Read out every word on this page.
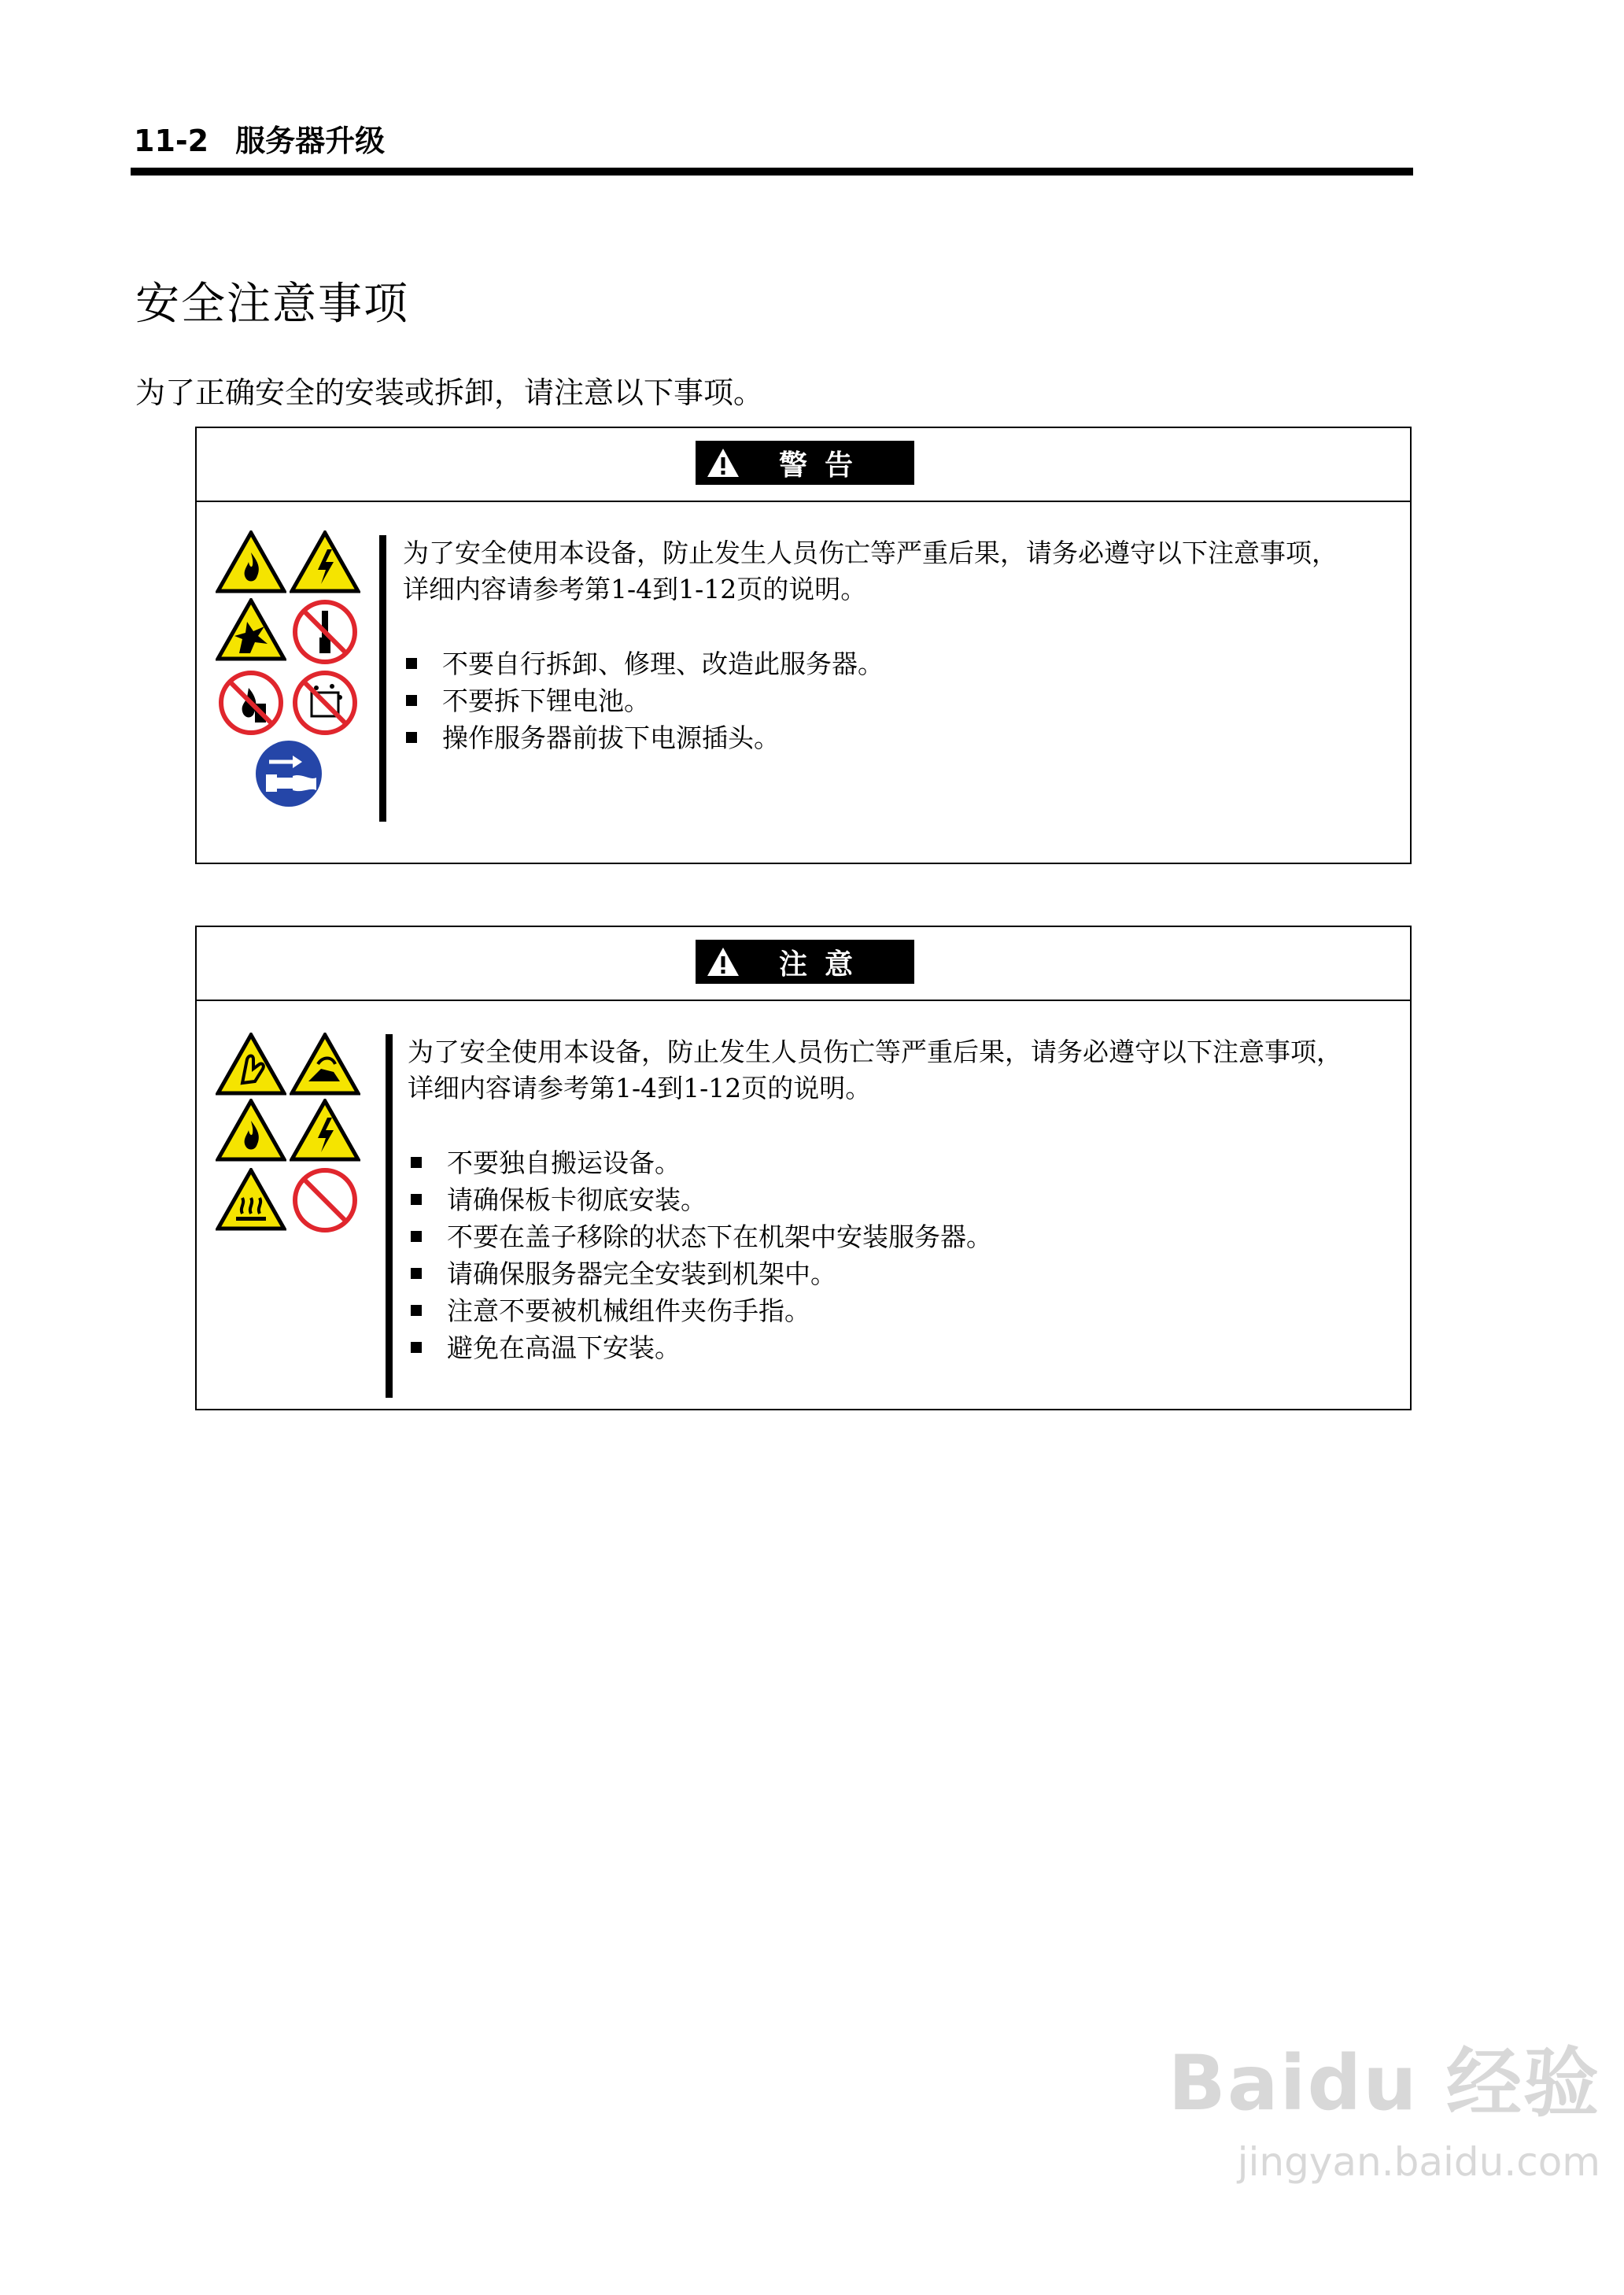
11-2 服务器升级
安全注意事项
为了正确安全的安装或拆卸，请注意以下事项。
警告
为了安全使用本设备，防止发生人员伤亡等严重后果，请务必遵守以下注意事项，
详细内容请参考第1-4到1-12页的说明。
不要自行拆卸、修理、改造此服务器。
不要拆下锂电池。
操作服务器前拔下电源插头。
注意
为了安全使用本设备，防止发生人员伤亡等严重后果，请务必遵守以下注意事项，
详细内容请参考第1-4到1-12页的说明。
不要独自搬运设备。
请确保板卡彻底安装。
不要在盖子移除的状态下在机架中安装服务器。
请确保服务器完全安装到机架中。
注意不要被机械组件夹伤手指。
避免在高温下安装。
Baidu 经验
jingyan.baidu.com
